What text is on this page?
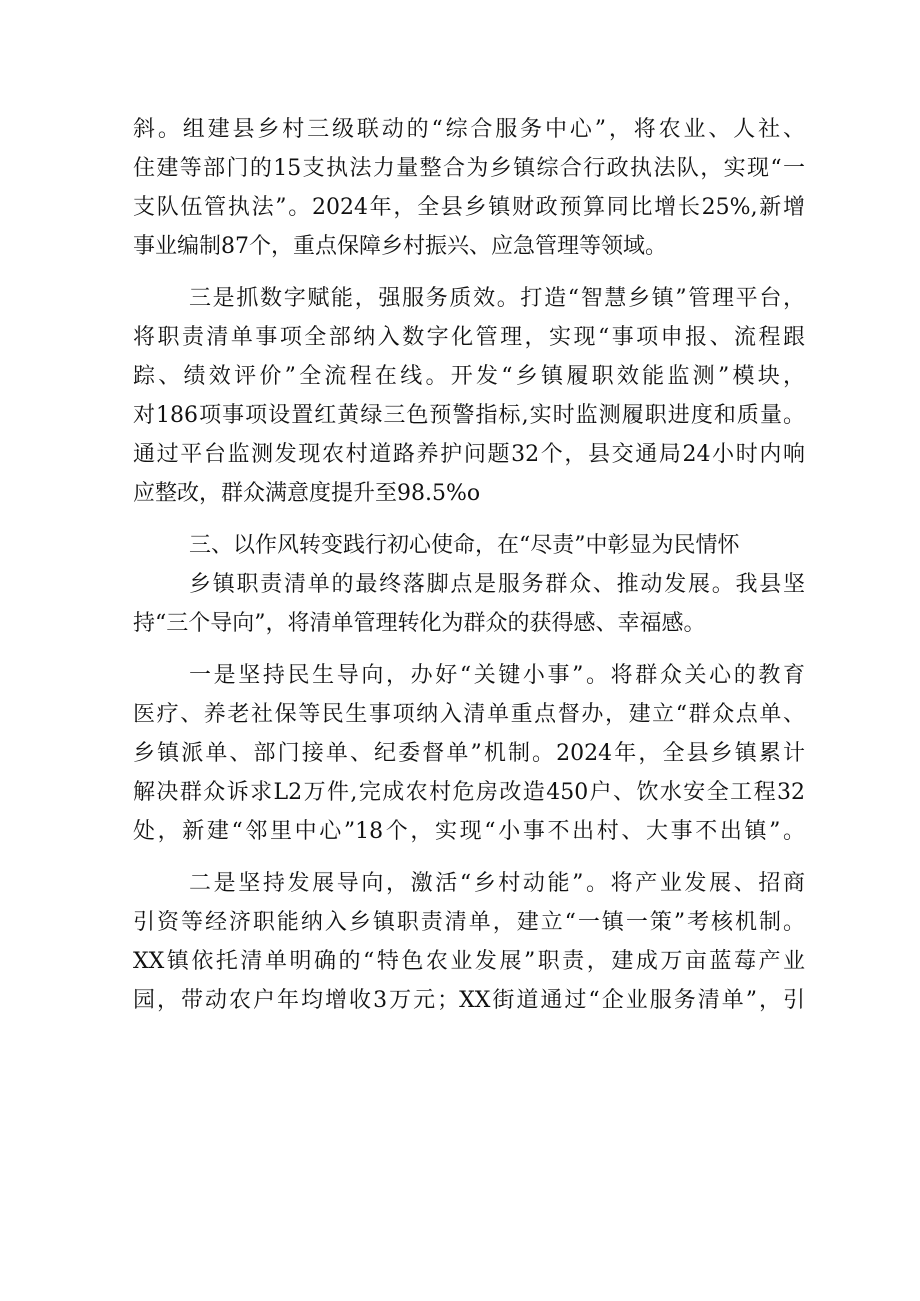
斜。组建县乡村三级联动的“综合服务中心”，将农业、人社、
住建等部门的15支执法力量整合为乡镇综合行政执法队，实现“一
支队伍管执法”。2024年，全县乡镇财政预算同比增长25%,新增
事业编制87个，重点保障乡村振兴、应急管理等领域。
三是抓数字赋能，强服务质效。打造“智慧乡镇”管理平台，
将职责清单事项全部纳入数字化管理，实现“事项申报、流程跟
踪、绩效评价”全流程在线。开发“乡镇履职效能监测”模块，
对186项事项设置红黄绿三色预警指标,实时监测履职进度和质量。
通过平台监测发现农村道路养护问题32个，县交通局24小时内响
应整改，群众满意度提升至98.5%o
三、以作风转变践行初心使命，在“尽责”中彰显为民情怀
乡镇职责清单的最终落脚点是服务群众、推动发展。我县坚
持“三个导向”，将清单管理转化为群众的获得感、幸福感。
一是坚持民生导向，办好“关键小事”。将群众关心的教育
医疗、养老社保等民生事项纳入清单重点督办，建立“群众点单、
乡镇派单、部门接单、纪委督单”机制。2024年，全县乡镇累计
解决群众诉求L2万件,完成农村危房改造450户、饮水安全工程32
处，新建“邻里中心”18个，实现“小事不出村、大事不出镇”。
二是坚持发展导向，激活“乡村动能”。将产业发展、招商
引资等经济职能纳入乡镇职责清单，建立“一镇一策”考核机制。
XX镇依托清单明确的“特色农业发展”职责，建成万亩蓝莓产业
园，带动农户年均增收3万元；XX街道通过“企业服务清单”，引
